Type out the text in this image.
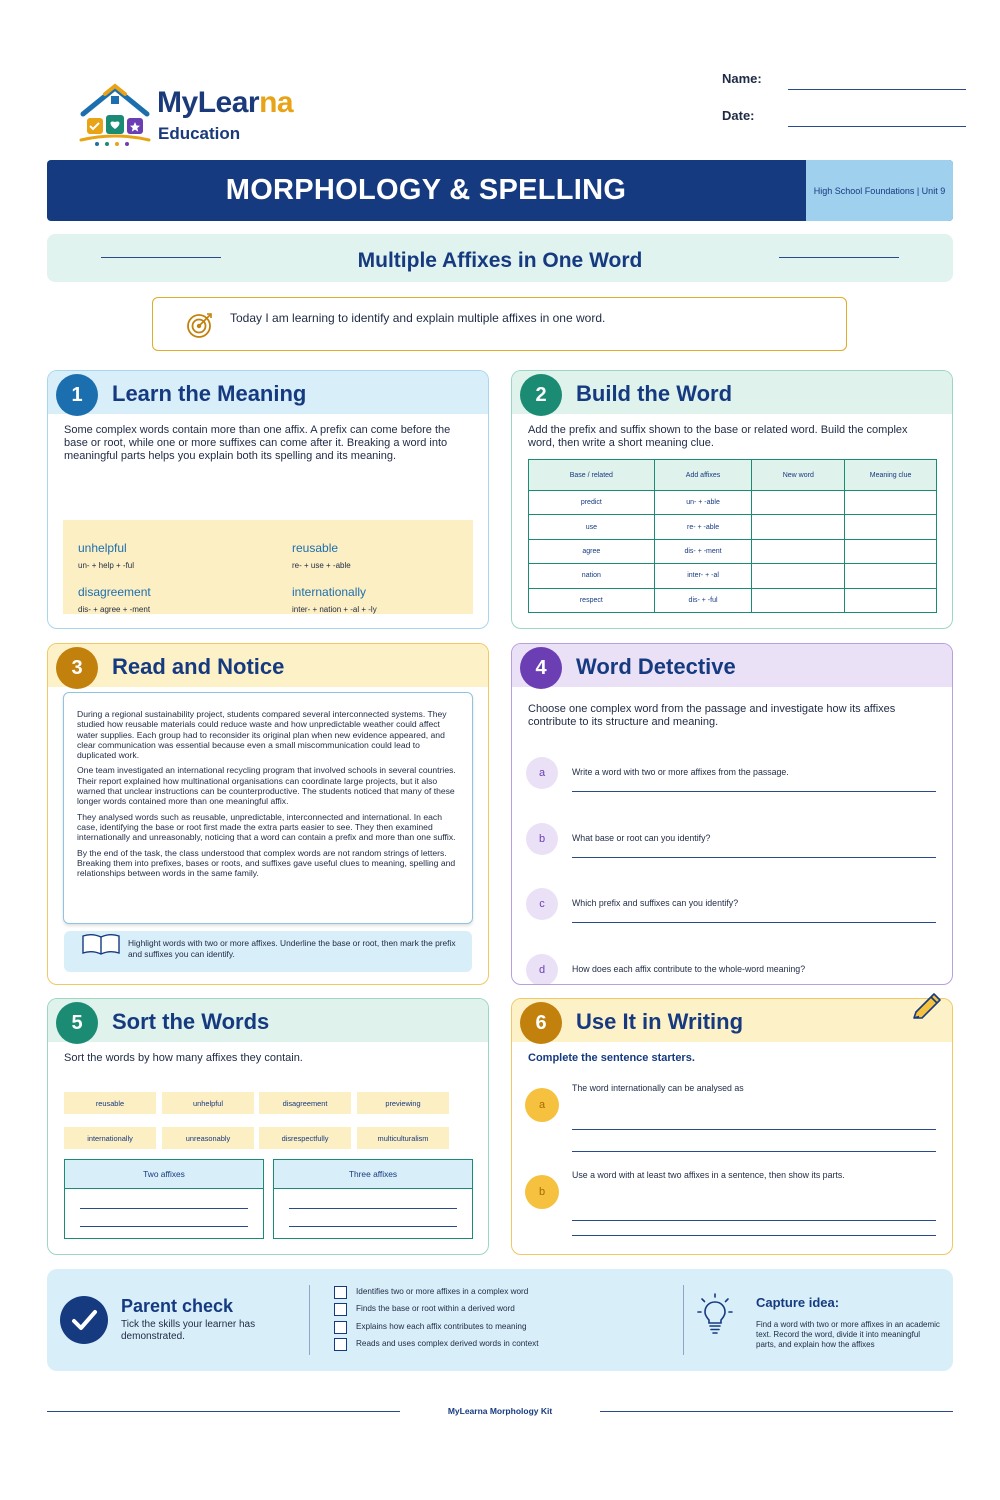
MyLearna
Education
Name:
Date:
MORPHOLOGY & SPELLING	High School Foundations | Unit 9
Multiple Affixes in One Word
Today I am learning to identify and explain multiple affixes in one word.
1	Learn the Meaning
Some complex words contain more than one affix. A prefix can come before the base or root, while one or more suffixes can come after it. Breaking a word into meaningful parts helps you explain both its spelling and its meaning.
unhelpful
un- + help + -ful
reusable
re- + use + -able
disagreement
dis- + agree + -ment
internationally
inter- + nation + -al + -ly
2	Build the Word
Add the prefix and suffix shown to the base or related word. Build the complex word, then write a short meaning clue.
Base / related	Add affixes	New word	Meaning clue
predict	un- + -able		
use	re- + -able		
agree	dis- + -ment		
nation	inter- + -al		
respect	dis- + -ful		
3	Read and Notice

During a regional sustainability project, students compared several interconnected systems. They studied how reusable materials could reduce waste and how unpredictable weather could affect water supplies. Each group had to reconsider its original plan when new evidence appeared, and clear communication was essential because even a small miscommunication could lead to duplicated work.

One team investigated an international recycling program that involved schools in several countries. Their report explained how multinational organisations can coordinate large projects, but it also warned that unclear instructions can be counterproductive. The students noticed that many of these longer words contained more than one meaningful affix.

They analysed words such as reusable, unpredictable, interconnected and international. In each case, identifying the base or root first made the extra parts easier to see. They then examined internationally and unreasonably, noticing that a word can contain a prefix and more than one suffix.

By the end of the task, the class understood that complex words are not random strings of letters. Breaking them into prefixes, bases or roots, and suffixes gave useful clues to meaning, spelling and relationships between words in the same family.

Highlight words with two or more affixes. Underline the base or root, then mark the prefix and suffixes you can identify.
4	Word Detective
Choose one complex word from the passage and investigate how its affixes contribute to its structure and meaning.
a	Write a word with two or more affixes from the passage.
b	What base or root can you identify?
c	Which prefix and suffixes can you identify?
d	How does each affix contribute to the whole-word meaning?
5	Sort the Words
Sort the words by how many affixes they contain.
reusable	unhelpful	disagreement	previewing
internationally	unreasonably	disrespectfully	multiculturalism
Two affixes	Three affixes
6	Use It in Writing
Complete the sentence starters.
a
The word internationally can be analysed as
b
Use a word with at least two affixes in a sentence, then show its parts.
Parent check
Tick the skills your learner has demonstrated.
Identifies two or more affixes in a complex word
Finds the base or root within a derived word
Explains how each affix contributes to meaning
Reads and uses complex derived words in context
Capture idea:
Find a word with two or more affixes in an academic text. Record the word, divide it into meaningful parts, and explain how the affixes
MyLearna Morphology Kit
